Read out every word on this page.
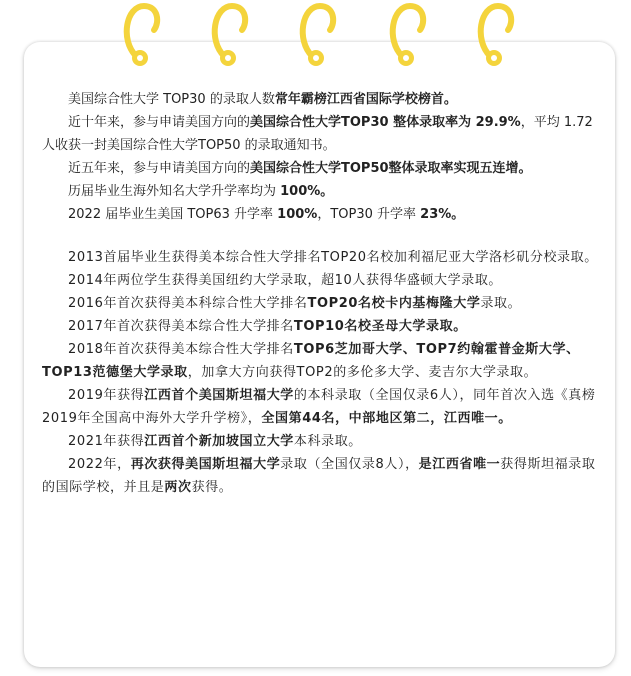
美国综合性大学 TOP30 的录取人数常年霸榜江西省国际学校榜首。

近十年来，参与申请美国方向的美国综合性大学TOP30 整体录取率为 29.9%，平均 1.72 人收获一封美国综合性大学TOP50 的录取通知书。

近五年来，参与申请美国方向的美国综合性大学TOP50整体录取率实现五连增。

历届毕业生海外知名大学升学率均为 100%。

2022 届毕业生美国 TOP63 升学率 100%，TOP30 升学率 23%。

2013首届毕业生获得美本综合性大学排名TOP20名校加利福尼亚大学洛杉矶分校录取。

2014年两位学生获得美国纽约大学录取，超10人获得华盛顿大学录取。

2016年首次获得美本科综合性大学排名TOP20名校卡内基梅隆大学录取。

2017年首次获得美本综合性大学排名TOP10名校圣母大学录取。

2018年首次获得美本综合性大学排名TOP6芝加哥大学、TOP7约翰霍普金斯大学、TOP13范德堡大学录取，加拿大方向获得TOP2的多伦多大学、麦吉尔大学录取。

2019年获得江西首个美国斯坦福大学的本科录取（全国仅录6人），同年首次入选《真榜2019年全国高中海外大学升学榜》，全国第44名，中部地区第二，江西唯一。

2021年获得江西首个新加坡国立大学本科录取。

2022年，再次获得美国斯坦福大学录取（全国仅录8人），是江西省唯一获得斯坦福录取的国际学校，并且是两次获得。
